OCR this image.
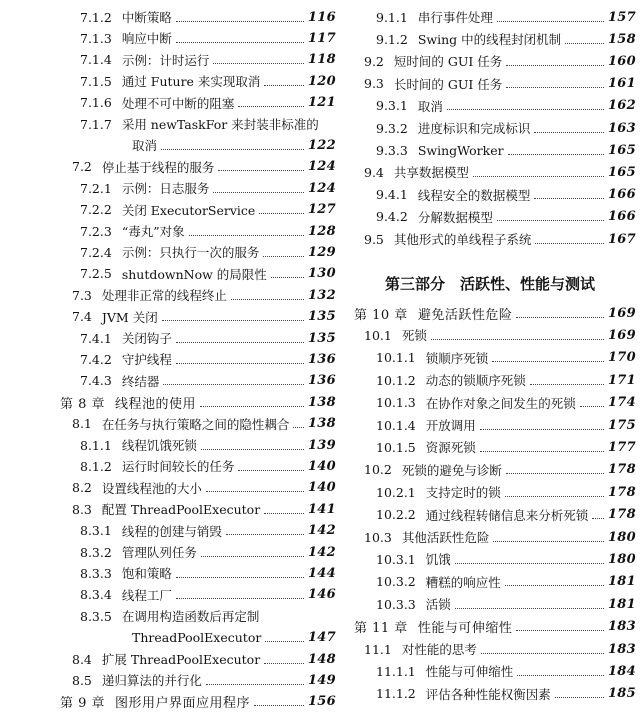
7.1.2 中断策略	116
7.1.3 响应中断	117
7.1.4 示例：计时运行	118
7.1.5 通过 Future 来实现取消	120
7.1.6 处理不可中断的阻塞	121
7.1.7 采用 newTaskFor 来封装非标准的
取消	122
7.2 停止基于线程的服务	124
7.2.1 示例：日志服务	124
7.2.2 关闭 ExecutorService	127
7.2.3 “毒丸”对象	128
7.2.4 示例：只执行一次的服务	129
7.2.5 shutdownNow 的局限性	130
7.3 处理非正常的线程终止	132
7.4 JVM 关闭	135
7.4.1 关闭钩子	135
7.4.2 守护线程	136
7.4.3 终结器	136
第 8 章 线程池的使用	138
8.1 在任务与执行策略之间的隐性耦合 138
8.1.1 线程饥饿死锁	139
8.1.2 运行时间较长的任务	140
8.2 设置线程池的大小	140
8.3 配置 ThreadPoolExecutor	141
8.3.1 线程的创建与销毁	142
8.3.2 管理队列任务	142
8.3.3 饱和策略	144
8.3.4 线程工厂	146
8.3.5 在调用构造函数后再定制
ThreadPoolExecutor	147
8.4 扩展 ThreadPoolExecutor	148
8.5 递归算法的并行化	149
第 9 章 图形用户界面应用程序	156
第三部分　活跃性、性能与测试
9.1.1 串行事件处理	157
9.1.2 Swing 中的线程封闭机制	158
9.2 短时间的 GUI 任务	160
9.3 长时间的 GUI 任务	161
9.3.1 取消	162
9.3.2 进度标识和完成标识	163
9.3.3 SwingWorker	165
9.4 共享数据模型	165
9.4.1 线程安全的数据模型	166
9.4.2 分解数据模型	166
9.5 其他形式的单线程子系统	167
第 10 章 避免活跃性危险	169
10.1 死锁	169
10.1.1 锁顺序死锁	170
10.1.2 动态的锁顺序死锁	171
10.1.3 在协作对象之间发生的死锁 174
10.1.4 开放调用	175
10.1.5 资源死锁	177
10.2 死锁的避免与诊断	178
10.2.1 支持定时的锁	178
10.2.2 通过线程转储信息来分析死锁 178
10.3 其他活跃性危险	180
10.3.1 饥饿	180
10.3.2 糟糕的响应性	181
10.3.3 活锁	181
第 11 章 性能与可伸缩性	183
11.1 对性能的思考	183
11.1.1 性能与可伸缩性	184
11.1.2 评估各种性能权衡因素	185
